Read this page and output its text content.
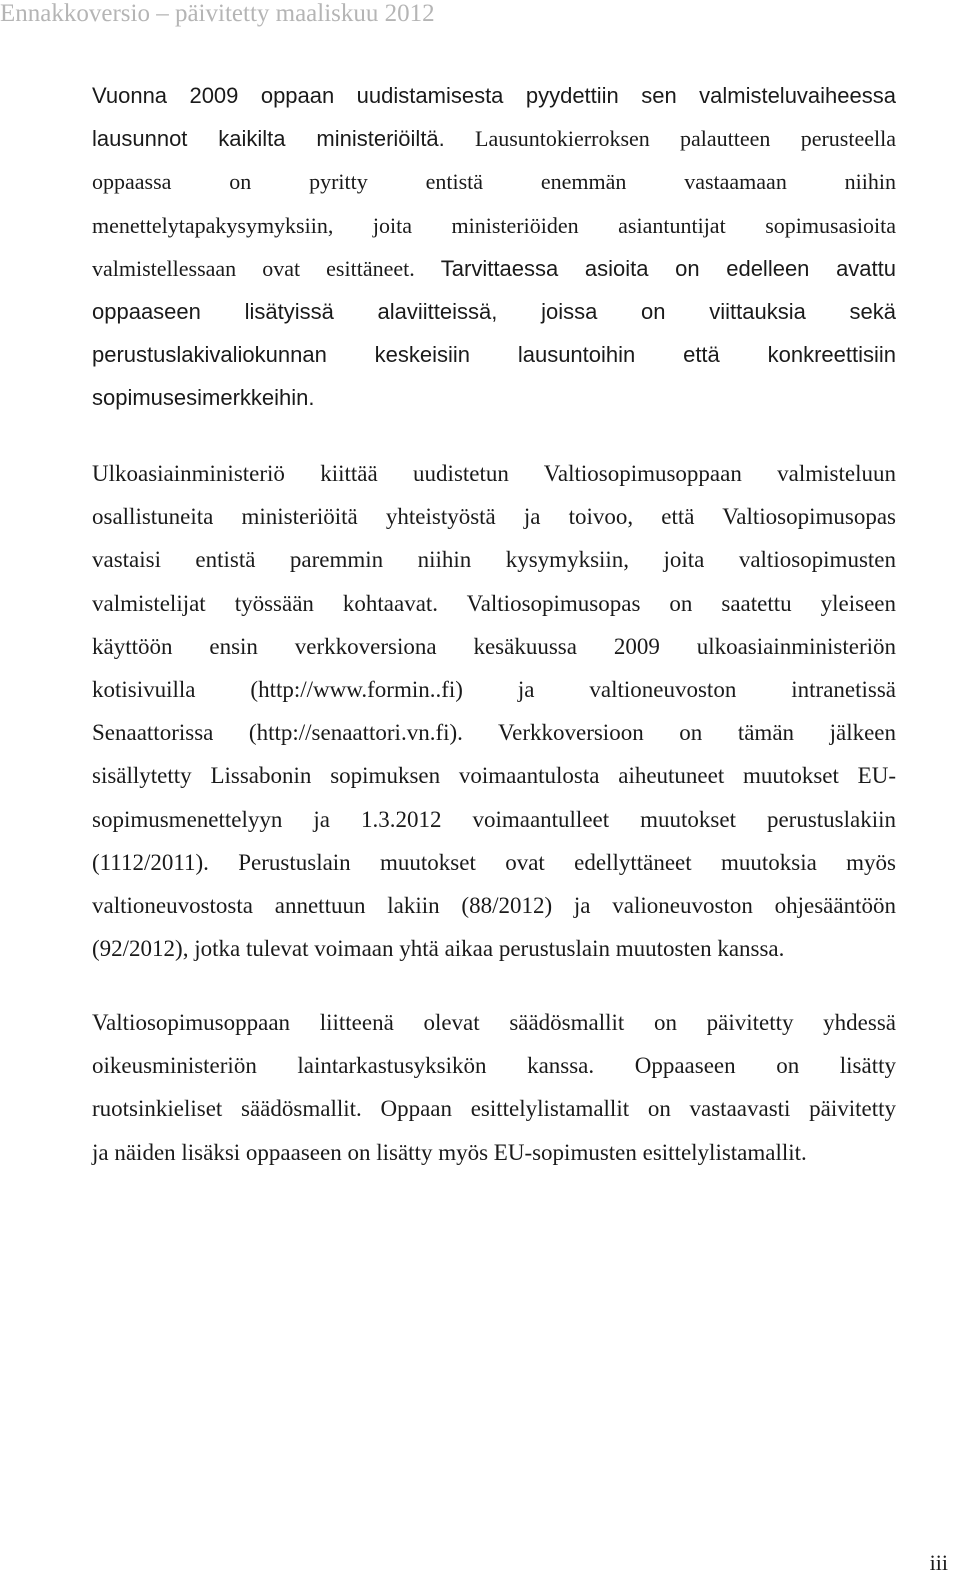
Ennakkoversio – päivitetty maaliskuu 2012
Vuonna 2009 oppaan uudistamisesta pyydettiin sen valmisteluvaiheessa
lausunnot kaikilta ministeriöiltä. Lausuntokierroksen palautteen perusteella
oppaassa on pyritty entistä enemmän vastaamaan niihin
menettelytapakysymyksiin, joita ministeriöiden asiantuntijat sopimusasioita
valmistellessaan ovat esittäneet. Tarvittaessa asioita on edelleen avattu
oppaaseen lisätyissä alaviitteissä, joissa on viittauksia sekä
perustuslakivaliokunnan keskeisiin lausuntoihin että konkreettisiin
sopimusesimerkkeihin.
Ulkoasiainministeriö kiittää uudistetun Valtiosopimusoppaan valmisteluun
osallistuneita ministeriöitä yhteistyöstä ja toivoo, että Valtiosopimusopas
vastaisi entistä paremmin niihin kysymyksiin, joita valtiosopimusten
valmistelijat työssään kohtaavat. Valtiosopimusopas on saatettu yleiseen
käyttöön ensin verkkoversiona kesäkuussa 2009 ulkoasiainministeriön
kotisivuilla (http://www.formin..fi) ja valtioneuvoston intranetissä
Senaattorissa (http://senaattori.vn.fi). Verkkoversioon on tämän jälkeen
sisällytetty Lissabonin sopimuksen voimaantulosta aiheutuneet muutokset EU-
sopimusmenettelyyn ja 1.3.2012 voimaantulleet muutokset perustuslakiin
(1112/2011). Perustuslain muutokset ovat edellyttäneet muutoksia myös
valtioneuvostosta annettuun lakiin (88/2012) ja valioneuvoston ohjesääntöön
(92/2012), jotka tulevat voimaan yhtä aikaa perustuslain muutosten kanssa.
Valtiosopimusoppaan liitteenä olevat säädösmallit on päivitetty yhdessä
oikeusministeriön laintarkastusyksikön kanssa. Oppaaseen on lisätty
ruotsinkieliset säädösmallit. Oppaan esittelylistamallit on vastaavasti päivitetty
ja näiden lisäksi oppaaseen on lisätty myös EU-sopimusten esittelylistamallit.
iii
